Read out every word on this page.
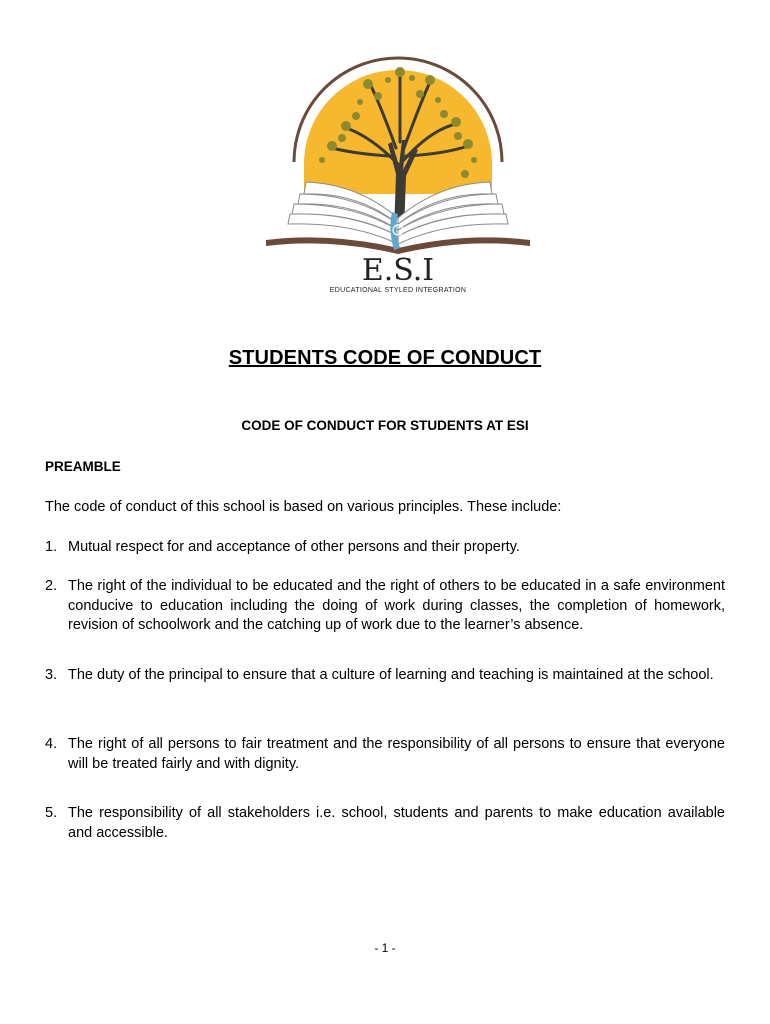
E.S.I
EDUCATIONAL STYLED INTEGRATION
STUDENTS CODE OF CONDUCT
CODE OF CONDUCT FOR STUDENTS AT ESI
PREAMBLE
The code of conduct of this school is based on various principles. These include:
1. Mutual respect for and acceptance of other persons and their property.
2. The right of the individual to be educated and the right of others to be educated in a safe environment conducive to education including the doing of work during classes, the completion of homework, revision of schoolwork and the catching up of work due to the learner’s absence.
3. The duty of the principal to ensure that a culture of learning and teaching is maintained at the school.
4. The right of all persons to fair treatment and the responsibility of all persons to ensure that everyone will be treated fairly and with dignity.
5. The responsibility of all stakeholders i.e. school, students and parents to make education available and accessible.
- 1 -
